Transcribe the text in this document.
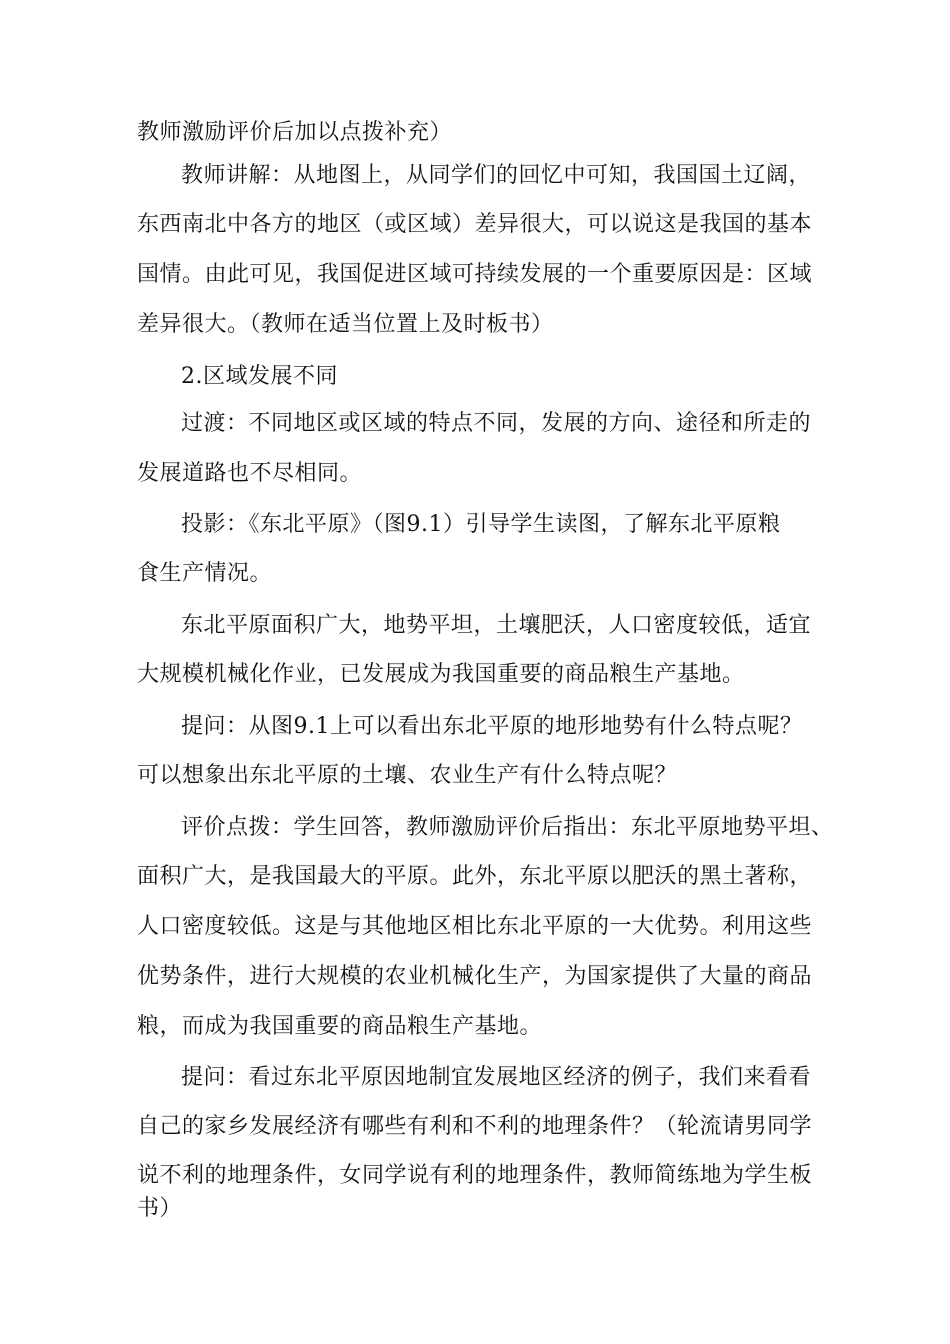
教师激励评价后加以点拨补充）
教师讲解：从地图上，从同学们的回忆中可知，我国国土辽阔，
东西南北中各方的地区（或区域）差异很大，可以说这是我国的基本
国情。由此可见，我国促进区域可持续发展的一个重要原因是：区域
差异很大。（教师在适当位置上及时板书）
2.区域发展不同
过渡：不同地区或区域的特点不同，发展的方向、途径和所走的
发展道路也不尽相同。
投影：《东北平原》（图9.1）引导学生读图，了解东北平原粮
食生产情况。
东北平原面积广大，地势平坦，土壤肥沃，人口密度较低，适宜
大规模机械化作业，已发展成为我国重要的商品粮生产基地。
提问：从图9.1上可以看出东北平原的地形地势有什么特点呢？
可以想象出东北平原的土壤、农业生产有什么特点呢？
评价点拨：学生回答，教师激励评价后指出：东北平原地势平坦、
面积广大，是我国最大的平原。此外，东北平原以肥沃的黑土著称，
人口密度较低。这是与其他地区相比东北平原的一大优势。利用这些
优势条件，进行大规模的农业机械化生产，为国家提供了大量的商品
粮，而成为我国重要的商品粮生产基地。
提问：看过东北平原因地制宜发展地区经济的例子，我们来看看
自己的家乡发展经济有哪些有利和不利的地理条件？（轮流请男同学
说不利的地理条件，女同学说有利的地理条件，教师简练地为学生板
书）
